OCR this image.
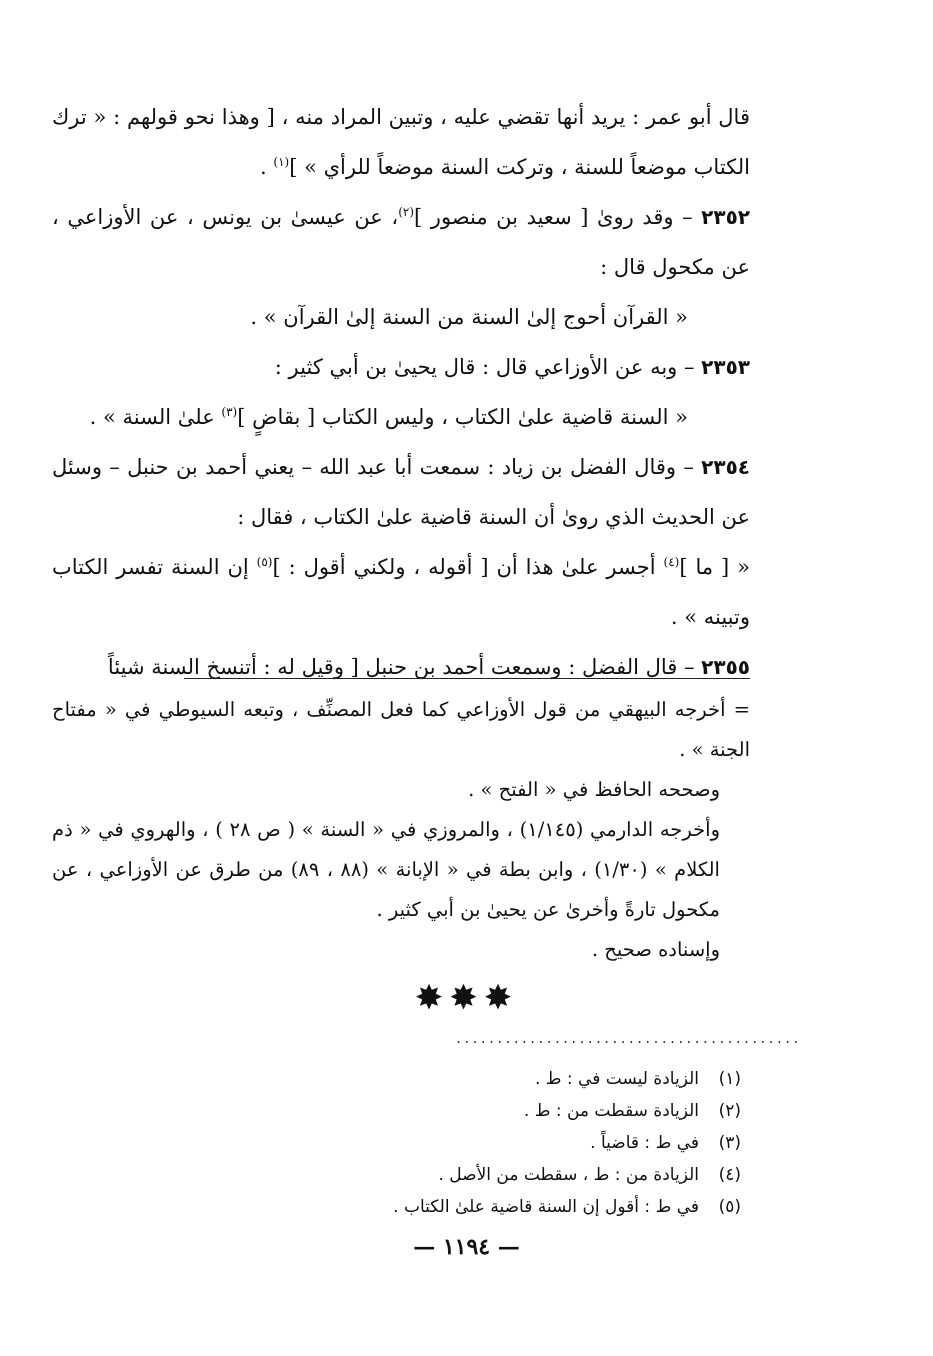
قال أبو عمر : يريد أنها تقضي عليه ، وتبين المراد منه ، [ وهذا نحو قولهم : « ترك الكتاب موضعاً للسنة ، وتركت السنة موضعاً للرأي » ]$^{(١)}$ .

٢٣٥٢ – وقد روىٰ [ سعيد بن منصور ]$^{(٢)}$، عن عيسىٰ بن يونس ، عن الأوزاعي ، عن مكحول قال :

« القرآن أحوج إلىٰ السنة من السنة إلىٰ القرآن » .

٢٣٥٣ – وبه عن الأوزاعي قال : قال يحيىٰ بن أبي كثير :

« السنة قاضية علىٰ الكتاب ، وليس الكتاب [ بقاضٍ ]$^{(٣)}$ علىٰ السنة » .

٢٣٥٤ – وقال الفضل بن زياد : سمعت أبا عبد الله – يعني أحمد بن حنبل – وسئل عن الحديث الذي روىٰ أن السنة قاضية علىٰ الكتاب ، فقال :

« [ ما ]$^{(٤)}$ أجسر علىٰ هذا أن [ أقوله ، ولكني أقول : ]$^{(٥)}$ إن السنة تفسر الكتاب وتبينه » .

٢٣٥٥ – قال الفضل : وسمعت أحمد بن حنبل [ وقيل له : أتنسخ السنة شيئاً

= أخرجه البيهقي من قول الأوزاعي كما فعل المصنِّف ، وتبعه السيوطي في « مفتاح الجنة » .

وصححه الحافظ في « الفتح » .

وأخرجه الدارمي (١/١٤٥) ، والمروزي في « السنة » ( ص ٢٨ ) ، والهروي في « ذم الكلام » (١/٣٠) ، وابن بطة في « الإبانة » (٨٨ ، ٨٩) من طرق عن الأوزاعي ، عن مكحول تارةً وأخرىٰ عن يحيىٰ بن أبي كثير .

وإسناده صحيح .

✸✸✸
..........................................
(١)
الزيادة ليست في : ط .
(٢)
الزيادة سقطت من : ط .
(٣)
في ط : قاضياً .
(٤)
الزيادة من : ط ، سقطت من الأصل .
(٥)
في ط : أقول إن السنة قاضية علىٰ الكتاب .
— ١١٩٤ —
